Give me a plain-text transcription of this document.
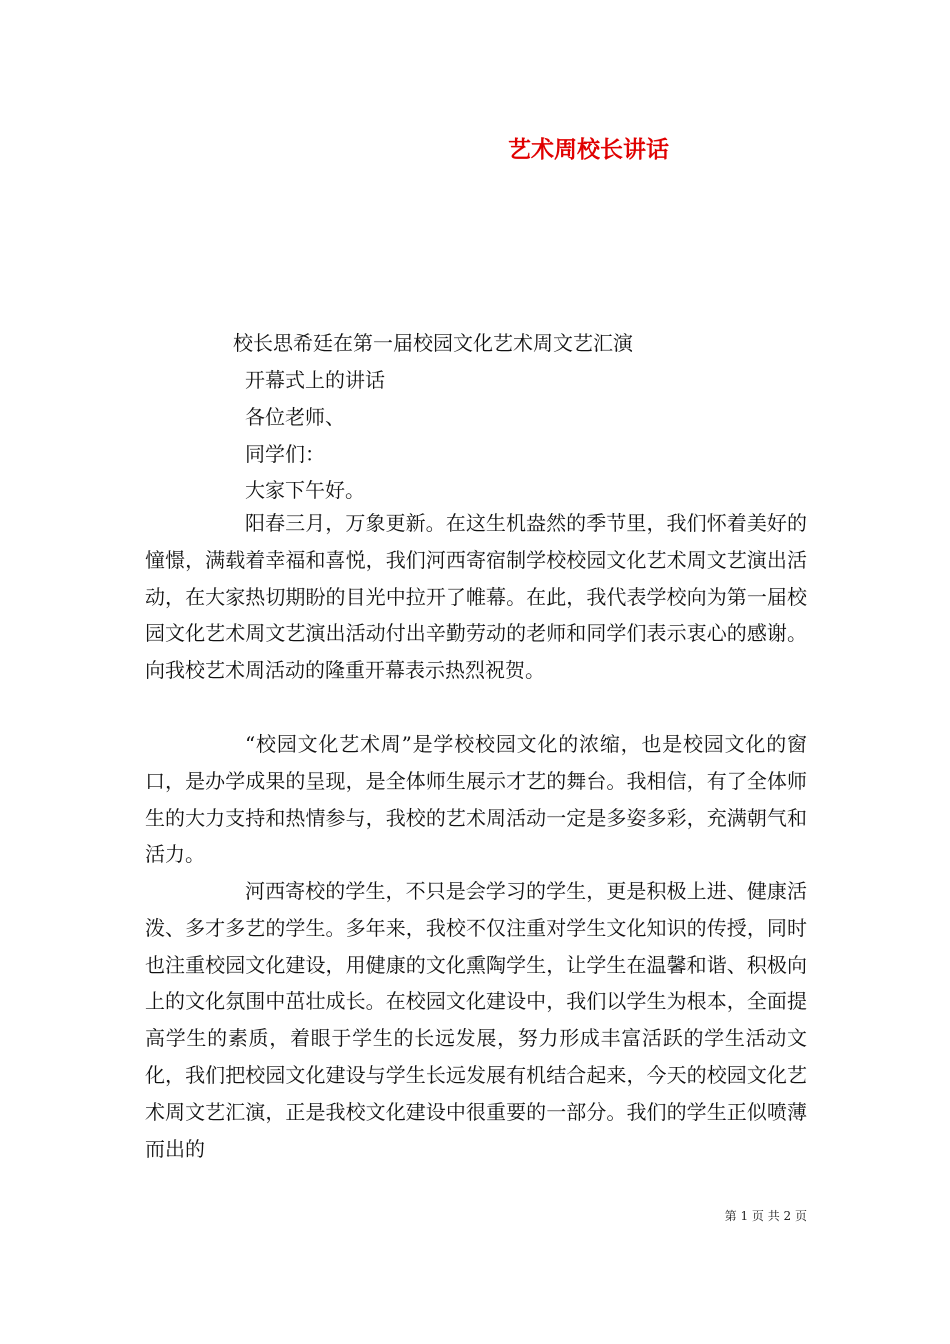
艺术周校长讲话
校长思希廷在第一届校园文化艺术周文艺汇演
开幕式上的讲话
各位老师、
同学们：
大家下午好。

阳春三月，万象更新。在这生机盎然的季节里，我们怀着美好的憧憬，满载着幸福和喜悦，我们河西寄宿制学校校园文化艺术周文艺演出活动，在大家热切期盼的目光中拉开了帷幕。在此，我代表学校向为第一届校园文化艺术周文艺演出活动付出辛勤劳动的老师和同学们表示衷心的感谢。向我校艺术周活动的隆重开幕表示热烈祝贺。

“校园文化艺术周”是学校校园文化的浓缩，也是校园文化的窗口，是办学成果的呈现，是全体师生展示才艺的舞台。我相信，有了全体师生的大力支持和热情参与，我校的艺术周活动一定是多姿多彩，充满朝气和活力。

河西寄校的学生，不只是会学习的学生，更是积极上进、健康活泼、多才多艺的学生。多年来，我校不仅注重对学生文化知识的传授，同时也注重校园文化建设，用健康的文化熏陶学生，让学生在温馨和谐、积极向上的文化氛围中茁壮成长。在校园文化建设中，我们以学生为根本，全面提高学生的素质，着眼于学生的长远发展，努力形成丰富活跃的学生活动文化，我们把校园文化建设与学生长远发展有机结合起来，今天的校园文化艺术周文艺汇演，正是我校文化建设中很重要的一部分。我们的学生正似喷薄而出的

第 1 页 共 2 页
